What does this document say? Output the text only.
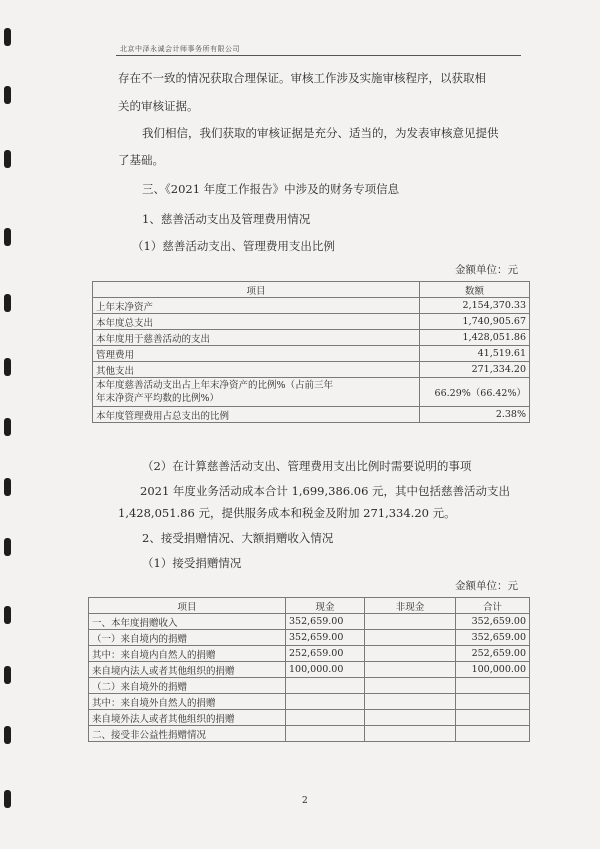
北京中泽永诚会计师事务所有限公司
存在不一致的情况获取合理保证。审核工作涉及实施审核程序，以获取相
关的审核证据。
我们相信，我们获取的审核证据是充分、适当的，为发表审核意见提供
了基础。
三、《2021 年度工作报告》中涉及的财务专项信息
1、慈善活动支出及管理费用情况
（1）慈善活动支出、管理费用支出比例
金额单位：元
项目	数额
上年末净资产	2,154,370.33
本年度总支出	1,740,905.67
本年度用于慈善活动的支出	1,428,051.86
管理费用	41,519.61
其他支出	271,334.20

本年度慈善活动支出占上年末净资产的比例%（占前三年
年末净资产平均数的比例%）	66.29%（66.42%）
本年度管理费用占总支出的比例	2.38%
（2）在计算慈善活动支出、管理费用支出比例时需要说明的事项
2021 年度业务活动成本合计 1,699,386.06 元，其中包括慈善活动支出
1,428,051.86 元，提供服务成本和税金及附加 271,334.20 元。
2、接受捐赠情况、大额捐赠收入情况
（1）接受捐赠情况
金额单位：元
项目	现金	非现金	合计
一、本年度捐赠收入	352,659.00		352,659.00
（一）来自境内的捐赠	352,659.00		352,659.00
其中：来自境内自然人的捐赠	252,659.00		252,659.00
来自境内法人或者其他组织的捐赠	100,000.00		100,000.00
（二）来自境外的捐赠			
其中：来自境外自然人的捐赠			
来自境外法人或者其他组织的捐赠			
二、接受非公益性捐赠情况			
2
